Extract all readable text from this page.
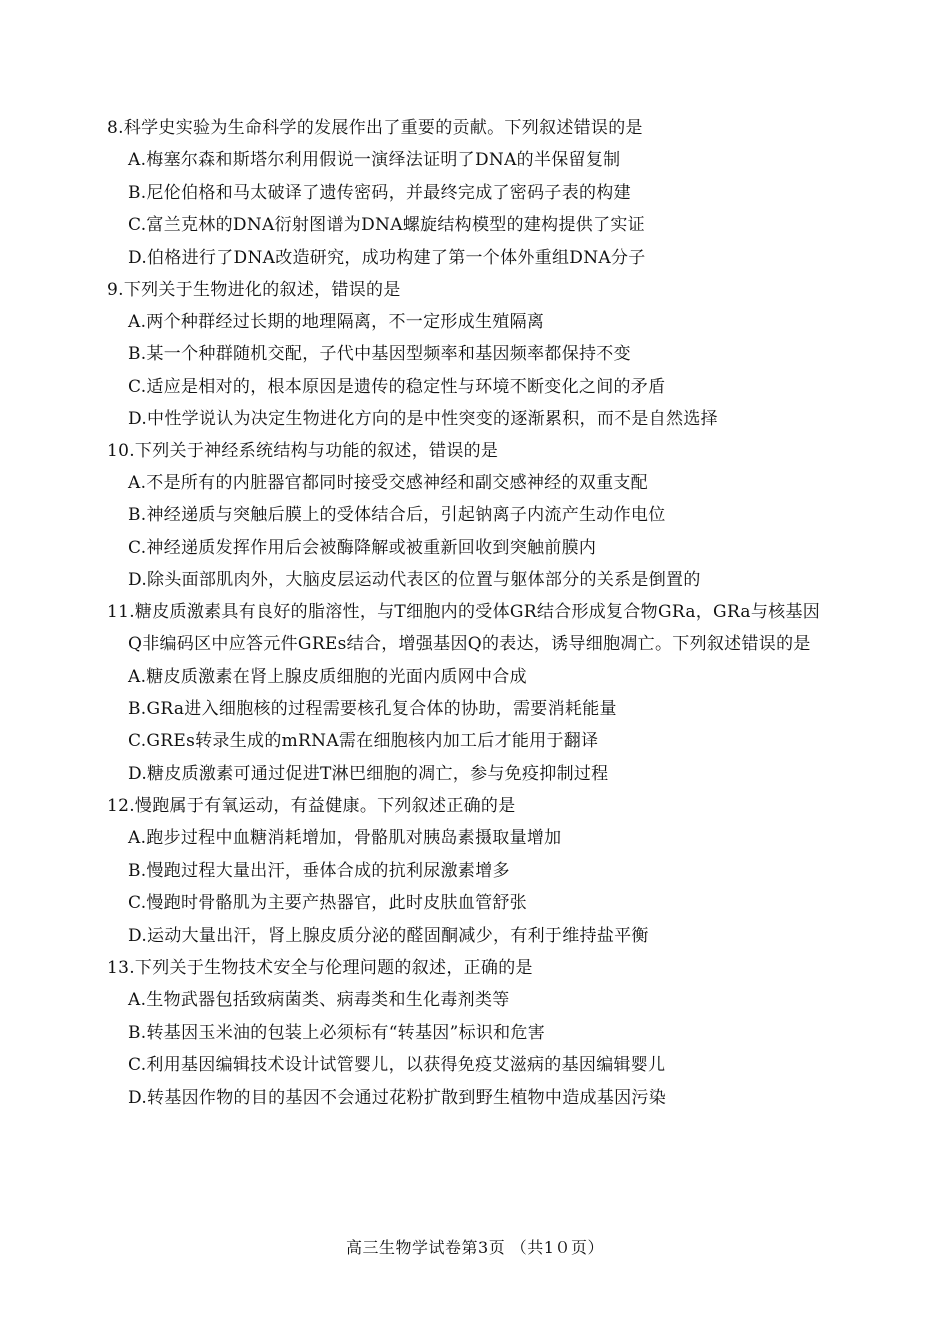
8.科学史实验为生命科学的发展作出了重要的贡献。下列叙述错误的是
A.梅塞尔森和斯塔尔利用假说一演绎法证明了DNA的半保留复制
B.尼伦伯格和马太破译了遗传密码，并最终完成了密码子表的构建
C.富兰克林的DNA衍射图谱为DNA螺旋结构模型的建构提供了实证
D.伯格进行了DNA改造研究，成功构建了第一个体外重组DNA分子
9.下列关于生物进化的叙述，错误的是
A.两个种群经过长期的地理隔离，不一定形成生殖隔离
B.某一个种群随机交配，子代中基因型频率和基因频率都保持不变
C.适应是相对的，根本原因是遗传的稳定性与环境不断变化之间的矛盾
D.中性学说认为决定生物进化方向的是中性突变的逐渐累积，而不是自然选择
10.下列关于神经系统结构与功能的叙述，错误的是
A.不是所有的内脏器官都同时接受交感神经和副交感神经的双重支配
B.神经递质与突触后膜上的受体结合后，引起钠离子内流产生动作电位
C.神经递质发挥作用后会被酶降解或被重新回收到突触前膜内
D.除头面部肌肉外，大脑皮层运动代表区的位置与躯体部分的关系是倒置的
11.糖皮质激素具有良好的脂溶性，与T细胞内的受体GR结合形成复合物GRa，GRa与核基因
Q非编码区中应答元件GREs结合，增强基因Q的表达，诱导细胞凋亡。下列叙述错误的是
A.糖皮质激素在肾上腺皮质细胞的光面内质网中合成
B.GRa进入细胞核的过程需要核孔复合体的协助，需要消耗能量
C.GREs转录生成的mRNA需在细胞核内加工后才能用于翻译
D.糖皮质激素可通过促进T淋巴细胞的凋亡，参与免疫抑制过程
12.慢跑属于有氧运动，有益健康。下列叙述正确的是
A.跑步过程中血糖消耗增加，骨骼肌对胰岛素摄取量增加
B.慢跑过程大量出汗，垂体合成的抗利尿激素增多
C.慢跑时骨骼肌为主要产热器官，此时皮肤血管舒张
D.运动大量出汗，肾上腺皮质分泌的醛固酮减少，有利于维持盐平衡
13.下列关于生物技术安全与伦理问题的叙述，正确的是
A.生物武器包括致病菌类、病毒类和生化毒剂类等
B.转基因玉米油的包装上必须标有“转基因”标识和危害
C.利用基因编辑技术设计试管婴儿，以获得免疫艾滋病的基因编辑婴儿
D.转基因作物的目的基因不会通过花粉扩散到野生植物中造成基因污染
高三生物学试卷第3页 （共1０页）
